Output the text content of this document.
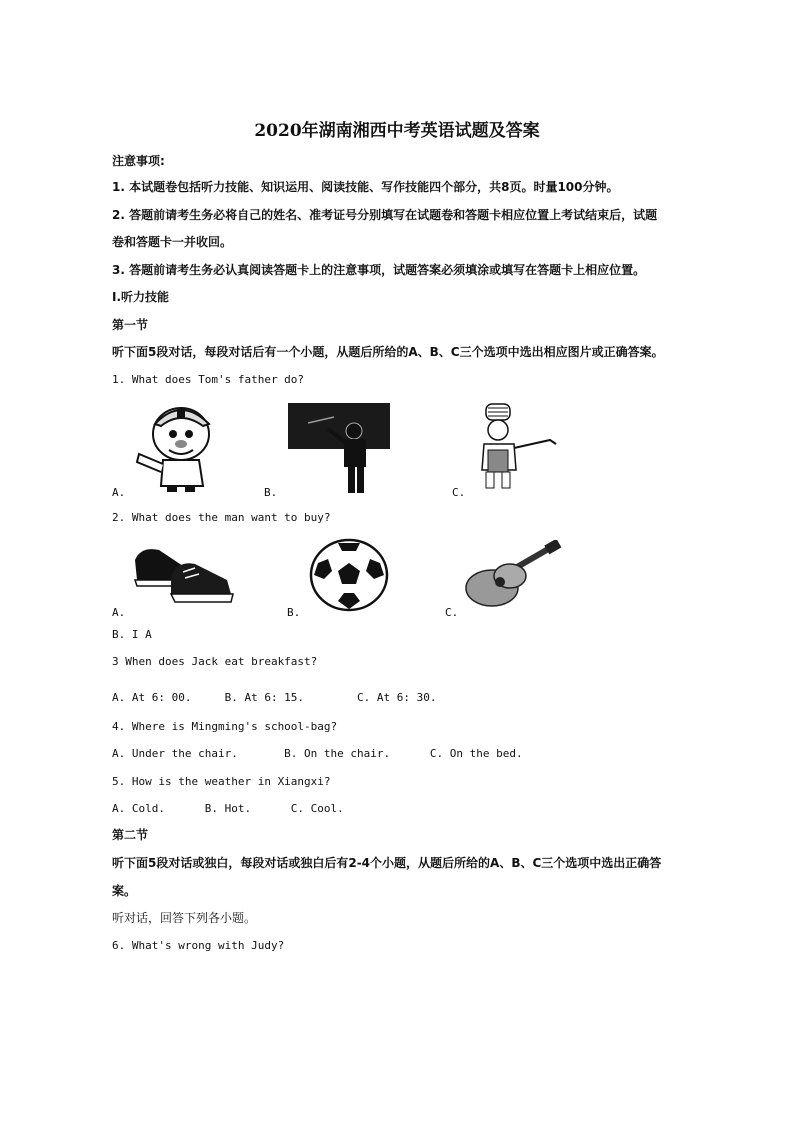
2020年湖南湘西中考英语试题及答案
注意事项:
1. 本试题卷包括听力技能、知识运用、阅读技能、写作技能四个部分，共8页。时量100分钟。
2. 答题前请考生务必将自己的姓名、准考证号分别填写在试题卷和答题卡相应位置上考试结束后，试题
卷和答题卡一并收回。
3. 答题前请考生务必认真阅读答题卡上的注意事项，试题答案必须填涂或填写在答题卡上相应位置。
I.听力技能
第一节
听下面5段对话，每段对话后有一个小题，从题后所给的A、B、C三个选项中选出相应图片或正确答案。
1. What does Tom's father do?
A.	B.	C.
2. What does the man want to buy?
A.	B.	C.
B. I A
3 When does Jack eat breakfast?
A. At 6: 00.     B. At 6: 15.        C. At 6: 30.
4. Where is Mingming's school-bag?
A. Under the chair.       B. On the chair.      C. On the bed.
5. How is the weather in Xiangxi?
A. Cold.      B. Hot.      C. Cool.
第二节
听下面5段对话或独白，每段对话或独白后有2-4个小题，从题后所给的A、B、C三个选项中选出正确答
案。
听对话，回答下列各小题。
6. What's wrong with Judy?
